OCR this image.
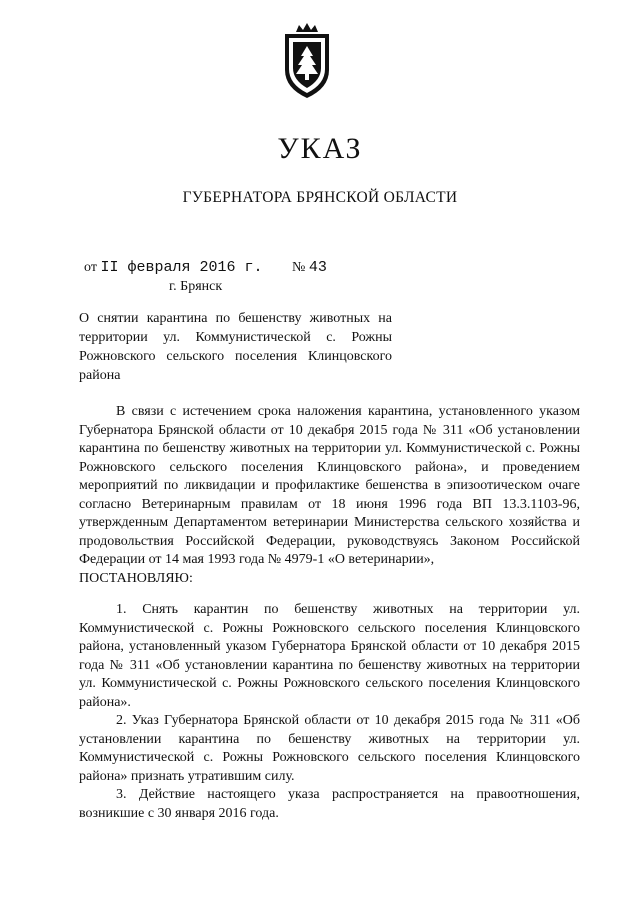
УКАЗ
ГУБЕРНАТОРА БРЯНСКОЙ ОБЛАСТИ
от II февраля 2016 г. № 43
г. Брянск

О снятии карантина по бешенству животных на территории ул. Коммунистической с. Рожны Рожновского сельского поселения Клинцовского района

В связи с истечением срока наложения карантина, установленного указом Губернатора Брянской области от 10 декабря 2015 года № 311 «Об установлении карантина по бешенству животных на территории ул. Коммунистической с. Рожны Рожновского сельского поселения Клинцовского района», и проведением мероприятий по ликвидации и профилактике бешенства в эпизоотическом очаге согласно Ветеринарным правилам от 18 июня 1996 года ВП 13.3.1103-96, утвержденным Департаментом ветеринарии Министерства сельского хозяйства и продовольствия Российской Федерации, руководствуясь Законом Российской Федерации от 14 мая 1993 года № 4979-1 «О ветеринарии»,

ПОСТАНОВЛЯЮ:

1. Снять карантин по бешенству животных на территории ул. Коммунистической с. Рожны Рожновского сельского поселения Клинцовского района, установленный указом Губернатора Брянской области от 10 декабря 2015 года № 311 «Об установлении карантина по бешенству животных на территории ул. Коммунистической с. Рожны Рожновского сельского поселения Клинцовского района».

2. Указ Губернатора Брянской области от 10 декабря 2015 года № 311 «Об установлении карантина по бешенству животных на территории ул. Коммунистической с. Рожны Рожновского сельского поселения Клинцовского района» признать утратившим силу.

3. Действие настоящего указа распространяется на правоотношения, возникшие с 30 января 2016 года.
